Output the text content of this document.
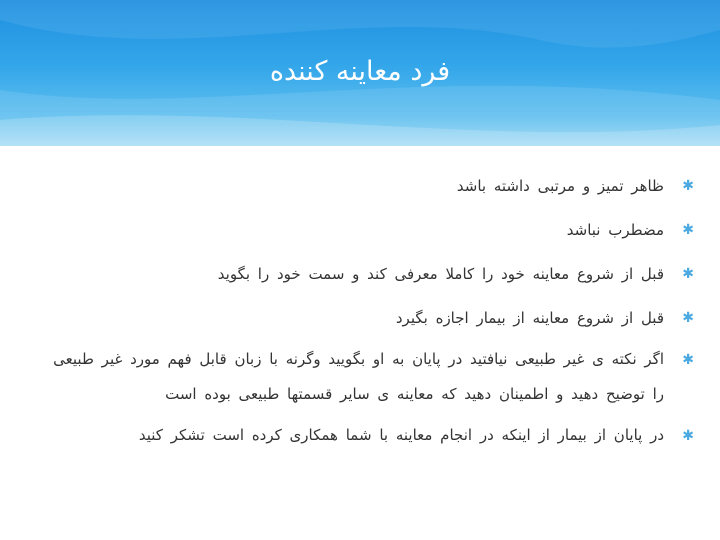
فرد معاینه کننده
✱
ظاهر تمیز و مرتبی داشته باشد
✱
مضطرب نباشد
✱
قبل از شروع معاینه خود را کاملا معرفی کند و سمت خود را بگوید
✱
قبل از شروع معاینه از بیمار اجازه بگیرد
✱
اگر نکته ی غیر طبیعی نیافتید در پایان به او بگویید وگرنه با زبان قابل فهم مورد غیر طبیعی را توضیح دهید و اطمینان دهید که معاینه ی سایر قسمتها طبیعی بوده است
✱
در پایان از بیمار از اینکه در انجام معاینه با شما همکاری کرده است تشکر کنید
